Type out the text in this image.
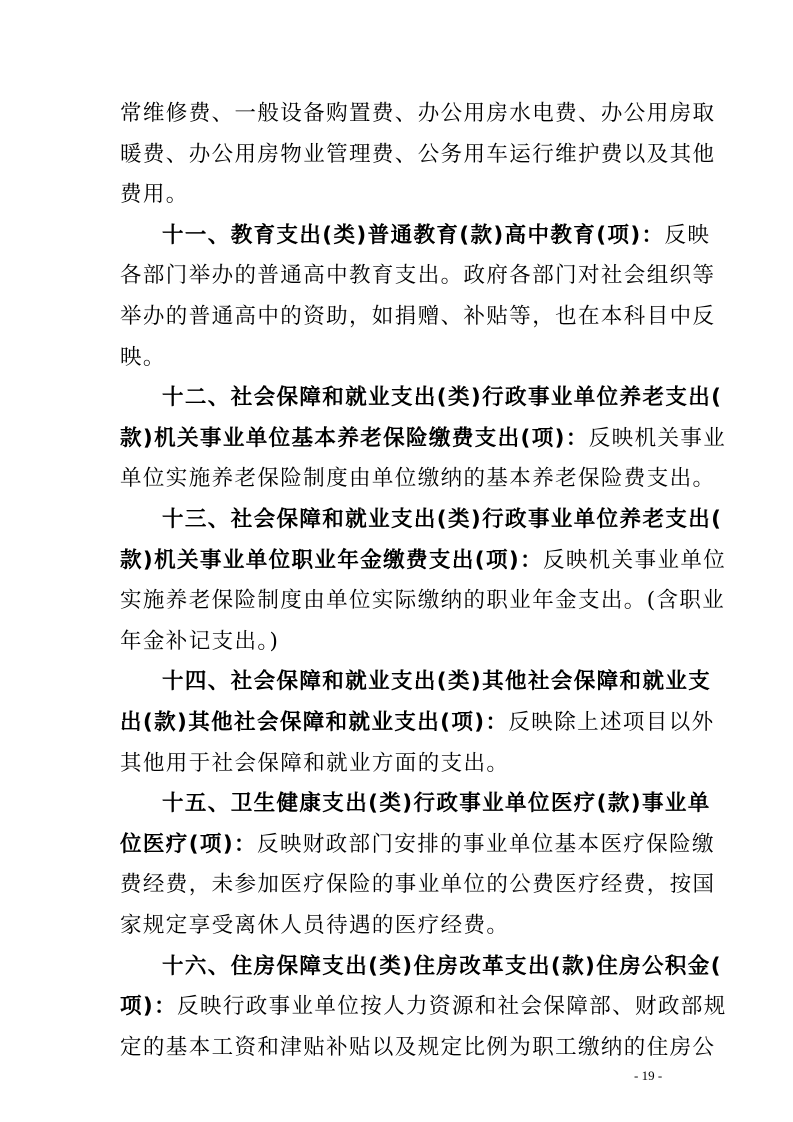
常维修费、一般设备购置费、办公用房水电费、办公用房取
暖费、办公用房物业管理费、公务用车运行维护费以及其他
费用。
十一、教育支出(类)普通教育(款)高中教育(项)：反映
各部门举办的普通高中教育支出。政府各部门对社会组织等
举办的普通高中的资助，如捐赠、补贴等，也在本科目中反
映。
十二、社会保障和就业支出(类)行政事业单位养老支出(
款)机关事业单位基本养老保险缴费支出(项)：反映机关事业
单位实施养老保险制度由单位缴纳的基本养老保险费支出。
十三、社会保障和就业支出(类)行政事业单位养老支出(
款)机关事业单位职业年金缴费支出(项)：反映机关事业单位
实施养老保险制度由单位实际缴纳的职业年金支出。(含职业
年金补记支出。)
十四、社会保障和就业支出(类)其他社会保障和就业支
出(款)其他社会保障和就业支出(项)：反映除上述项目以外
其他用于社会保障和就业方面的支出。
十五、卫生健康支出(类)行政事业单位医疗(款)事业单
位医疗(项)：反映财政部门安排的事业单位基本医疗保险缴
费经费，未参加医疗保险的事业单位的公费医疗经费，按国
家规定享受离休人员待遇的医疗经费。
十六、住房保障支出(类)住房改革支出(款)住房公积金(
项)：反映行政事业单位按人力资源和社会保障部、财政部规
定的基本工资和津贴补贴以及规定比例为职工缴纳的住房公
- 19 -
